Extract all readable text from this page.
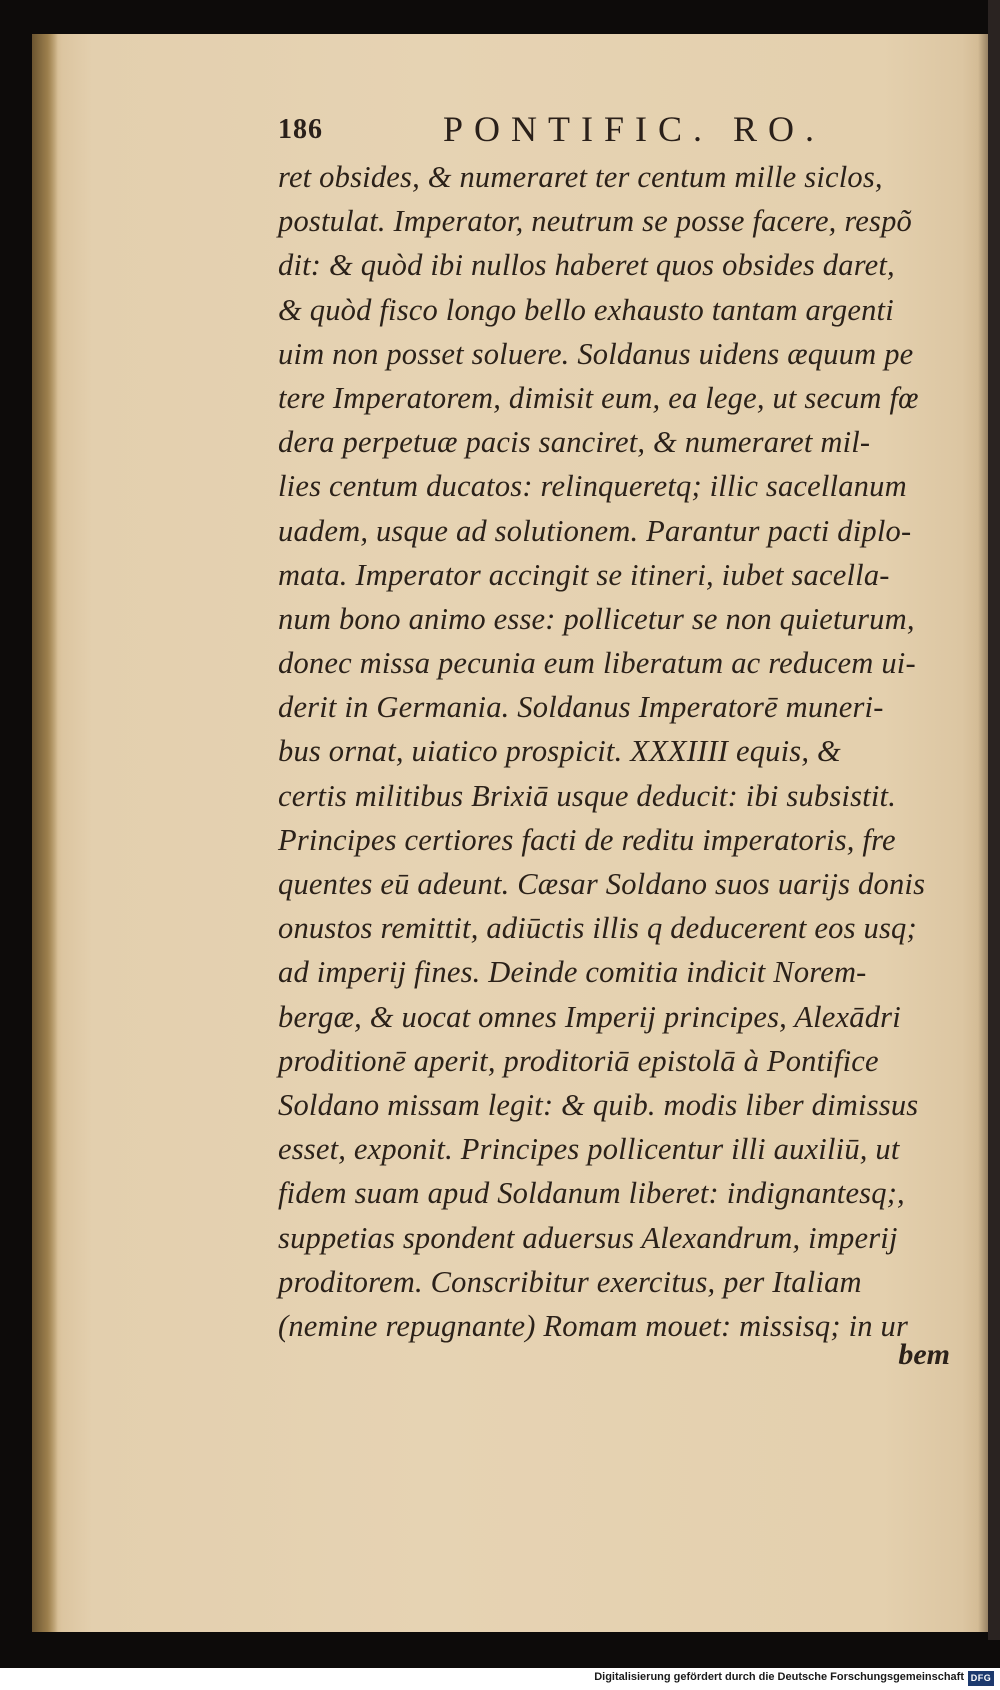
186	PONTIFIC. RO.
ret obsides, & numeraret ter centum mille siclos,
postulat. Imperator, neutrum se posse facere, respõ
dit: & quòd ibi nullos haberet quos obsides daret,
& quòd fisco longo bello exhausto tantam argenti
uim non posset soluere. Soldanus uidens æquum pe
tere Imperatorem, dimisit eum, ea lege, ut secum fœ
dera perpetuæ pacis sanciret, & numeraret mil-
lies centum ducatos: relinqueretq; illic sacellanum
uadem, usque ad solutionem. Parantur pacti diplo-
mata. Imperator accingit se itineri, iubet sacella-
num bono animo esse: pollicetur se non quieturum,
donec missa pecunia eum liberatum ac reducem ui-
derit in Germania. Soldanus Imperatorē muneri-
bus ornat, uiatico prospicit. XXXIIII equis, &
certis militibus Brixiā usque deducit: ibi subsistit.
Principes certiores facti de reditu imperatoris, fre
quentes eū adeunt. Cæsar Soldano suos uarijs donis
onustos remittit, adiūctis illis q deducerent eos usq;
ad imperij fines. Deinde comitia indicit Norem-
bergæ, & uocat omnes Imperij principes, Alexādri
proditionē aperit, proditoriā epistolā à Pontifice
Soldano missam legit: & quib. modis liber dimissus
esset, exponit. Principes pollicentur illi auxiliū, ut
fidem suam apud Soldanum liberet: indignantesq;,
suppetias spondent aduersus Alexandrum, imperij
proditorem. Conscribitur exercitus, per Italiam
(nemine repugnante) Romam mouet: missisq; in ur
bem
Digitalisierung gefördert durch die Deutsche Forschungsgemeinschaft DFG
